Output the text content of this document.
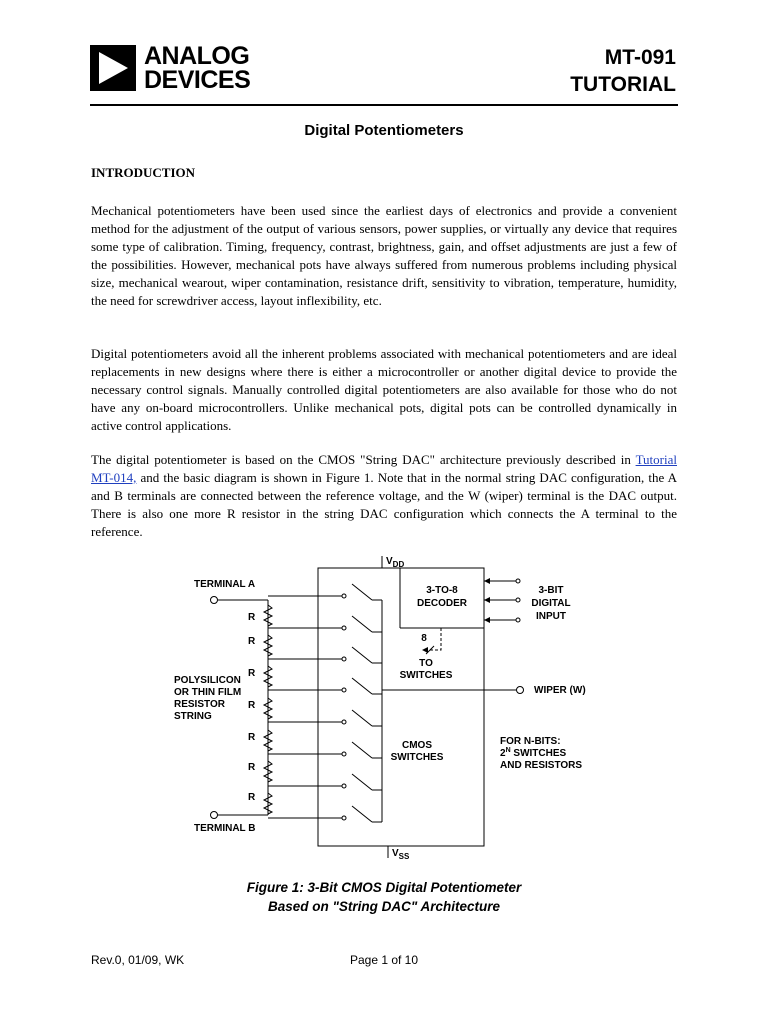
ANALOG
DEVICES
MT-091
TUTORIAL
Digital Potentiometers
INTRODUCTION

Mechanical potentiometers have been used since the earliest days of electronics and provide a convenient method for the adjustment of the output of various sensors, power supplies, or virtually any device that requires some type of calibration. Timing, frequency, contrast, brightness, gain, and offset adjustments are just a few of the possibilities. However, mechanical pots have always suffered from numerous problems including physical size, mechanical wearout, wiper contamination, resistance drift, sensitivity to vibration, temperature, humidity, the need for screwdriver access, layout inflexibility, etc.

Digital potentiometers avoid all the inherent problems associated with mechanical potentiometers and are ideal replacements in new designs where there is either a microcontroller or another digital device to provide the necessary control signals. Manually controlled digital potentiometers are also available for those who do not have any on-board microcontrollers. Unlike mechanical pots, digital pots can be controlled dynamically in active control applications.

The digital potentiometer is based on the CMOS "String DAC" architecture previously described in Tutorial MT-014, and the basic diagram is shown in Figure 1. Note that in the normal string DAC configuration, the A and B terminals are connected between the reference voltage, and the W (wiper) terminal is the DAC output. There is also one more R resistor in the string DAC configuration which connects the A terminal to the reference.

$V_{DD}$
$V_{SS}$
TERMINAL A
TERMINAL B
R
R
R
R
R
R
R
3-TO-8
DECODER
3-BIT
DIGITAL
INPUT
8
TO
SWITCHES
WIPER (W)
POLYSILICON
OR THIN FILM
RESISTOR
STRING
CMOS
SWITCHES
FOR N-BITS:
$2^N$ SWITCHES
AND RESISTORS
Figure 1: 3-Bit CMOS Digital Potentiometer
Based on "String DAC" Architecture
Rev.0, 01/09, WK	Page 1 of 10
